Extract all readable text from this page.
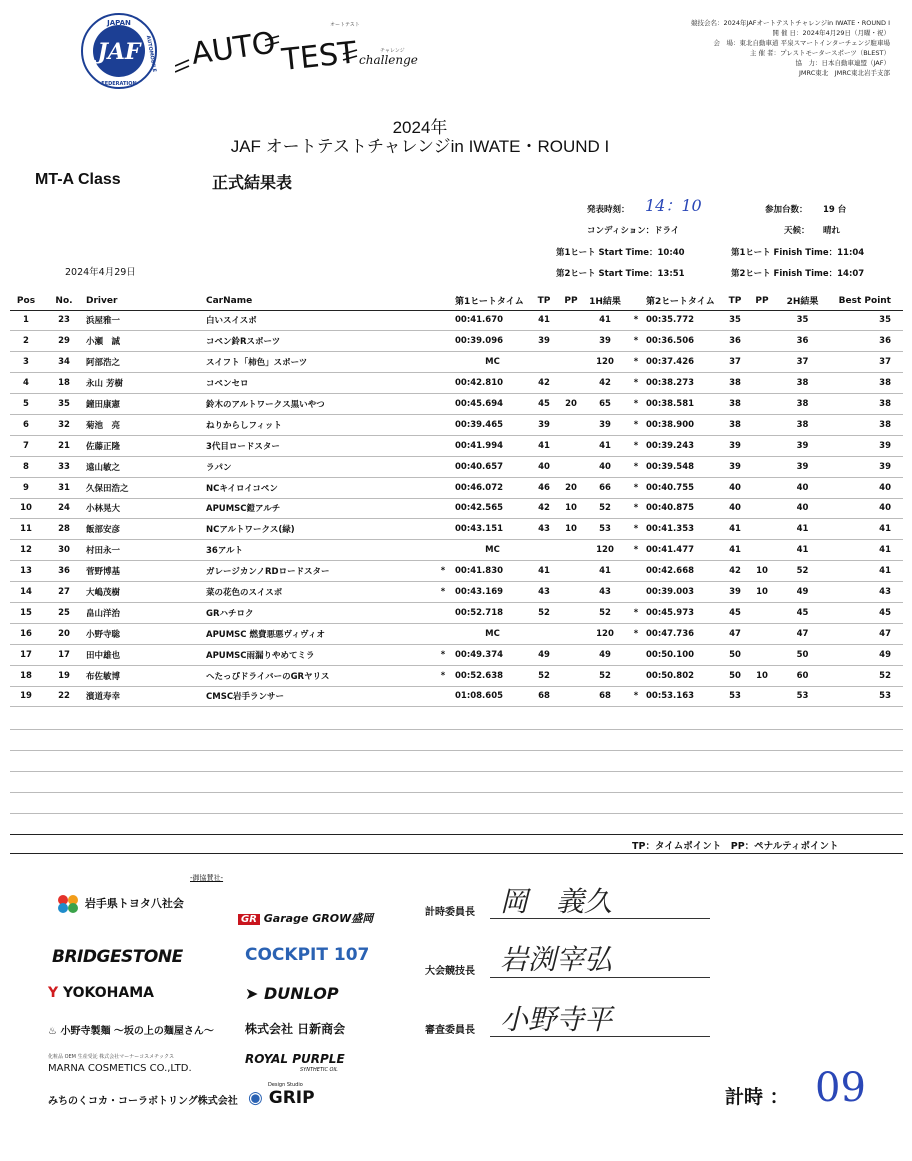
JAPAN
AUTOMOBILE
FEDERATION
JAF AUTO TEST
オートテスト
チャレンジ
challenge
競技会名：2024年JAFオートテストチャレンジin IWATE・ROUND I
開 催 日：2024年4月29日（月曜・祝）
会　場：東北自動車道 平泉スマートインターチェンジ駐車場
主 催 者：プレストモータースポーツ（BLEST）
協　力：日本自動車連盟（JAF）
JMRC東北　JMRC東北岩手支部
2024年
JAF オートテストチャレンジin IWATE・ROUND I
MT-A Class	正式結果表
発表時刻： 14：10	参加台数： 19 台
コンディション： ドライ	天候： 晴れ
第1ヒート Start Time：10:40	第1ヒート Finish Time：11:04
第2ヒート Start Time：13:51	第2ヒート Finish Time：14:07
2024年4月29日
Pos	No.	Driver	CarName		第1ヒートタイム	TP	PP	1H結果		第2ヒートタイム	TP	PP	2H結果	Best Point
1	23	浜屋雅一	白いスイスポ		00:41.670	41		41	*	00:35.772	35		35	35
2	29	小瀬　誠	コペン鈴Rスポーツ		00:39.096	39		39	*	00:36.506	36		36	36
3	34	阿部浩之	スイフト「柿色」スポーツ		MC			120	*	00:37.426	37		37	37
4	18	永山 芳樹	コペンセロ		00:42.810	42		42	*	00:38.273	38		38	38
5	35	鐘田康憲	鈴木のアルトワークス黒いやつ		00:45.694	45	20	65	*	00:38.581	38		38	38
6	32	菊池　亮	ねりからしフィット		00:39.465	39		39	*	00:38.900	38		38	38
7	21	佐藤正隆	3代目ロードスター		00:41.994	41		41	*	00:39.243	39		39	39
8	33	遠山敏之	ラパン		00:40.657	40		40	*	00:39.548	39		39	39
9	31	久保田浩之	NCキイロイコペン		00:46.072	46	20	66	*	00:40.755	40		40	40
10	24	小林晃大	APUMSC鎧アルチ		00:42.565	42	10	52	*	00:40.875	40		40	40
11	28	飯部安彦	NCアルトワークス(緑)		00:43.151	43	10	53	*	00:41.353	41		41	41
12	30	村田永一	36アルト		MC			120	*	00:41.477	41		41	41
13	36	菅野博基	ガレージカンノRDロードスター	*	00:41.830	41		41		00:42.668	42	10	52	41
14	27	大嶋茂樹	菜の花色のスイスポ	*	00:43.169	43		43		00:39.003	39	10	49	43
15	25	畠山洋治	GRハチロク		00:52.718	52		52	*	00:45.973	45		45	45
16	20	小野寺聡	APUMSC 燃費悪悪ヴィヴィオ		MC			120	*	00:47.736	47		47	47
17	17	田中雄也	APUMSC雨漏りやめてミラ	*	00:49.374	49		49		00:50.100	50		50	49
18	19	布佐敏博	へたっぴドライバーのGRヤリス	*	00:52.638	52		52		00:50.802	50	10	60	52
19	22	濱道寿幸	CMSC岩手ランサー		01:08.605	68		68	*	00:53.163	53		53	53
TP：タイムポイント　PP：ペナルティポイント
-御協賛社-
岩手県トヨタ八社会
GR Garage GROW盛岡
BRIDGESTONE	COCKPIT 107
Y YOKOHAMA	➤ DUNLOP
♨ 小野寺製麺 ～坂の上の麺屋さん～	株式会社 日新商会
化粧品 OEM 生産受託 株式会社マーナーコスメチックス
MARNA COSMETICS CO.,LTD.
ROYAL PURPLE
SYNTHETIC OIL
みちのくコカ・コーラボトリング株式会社
Design Studio
◉ GRIP
計時委員長 岡　義久
大会競技長 岩渕宰弘
審査委員長 小野寺平
計時 ： 09
